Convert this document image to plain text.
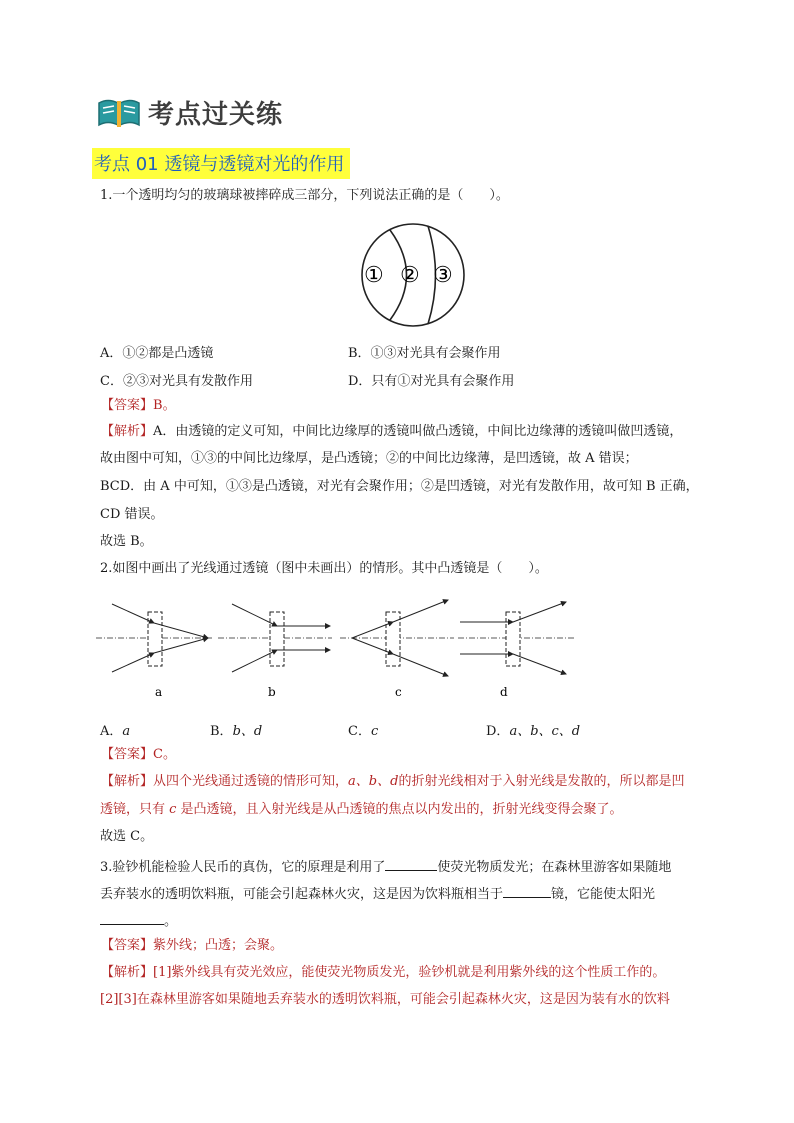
考点过关练
考点 01 透镜与透镜对光的作用
1.一个透明均匀的玻璃球被摔碎成三部分，下列说法正确的是（　　）。
① ② ③
A．①②都是凸透镜	B．①③对光具有会聚作用
C．②③对光具有发散作用	D．只有①对光具有会聚作用
【答案】B。
【解析】A．由透镜的定义可知，中间比边缘厚的透镜叫做凸透镜，中间比边缘薄的透镜叫做凹透镜，
故由图中可知，①③的中间比边缘厚，是凸透镜；②的中间比边缘薄，是凹透镜，故 A 错误；
BCD．由 A 中可知，①③是凸透镜，对光有会聚作用；②是凹透镜，对光有发散作用，故可知 B 正确，
CD 错误。
故选 B。
2.如图中画出了光线通过透镜（图中未画出）的情形。其中凸透镜是（　　）。
a	b	c	d
A．a	B．b、d	C．c	D．a、b、c、d
【答案】C。
【解析】从四个光线通过透镜的情形可知，a、b、d的折射光线相对于入射光线是发散的，所以都是凹
透镜，只有 c 是凸透镜，且入射光线是从凸透镜的焦点以内发出的，折射光线变得会聚了。
故选 C。
3.验钞机能检验人民币的真伪，它的原理是利用了	使荧光物质发光；在森林里游客如果随地
丢弃装水的透明饮料瓶，可能会引起森林火灾，这是因为饮料瓶相当于	镜，它能使太阳光
。
【答案】紫外线；凸透；会聚。
【解析】[1]紫外线具有荧光效应，能使荧光物质发光，验钞机就是利用紫外线的这个性质工作的。
[2][3]在森林里游客如果随地丢弃装水的透明饮料瓶，可能会引起森林火灾，这是因为装有水的饮料
